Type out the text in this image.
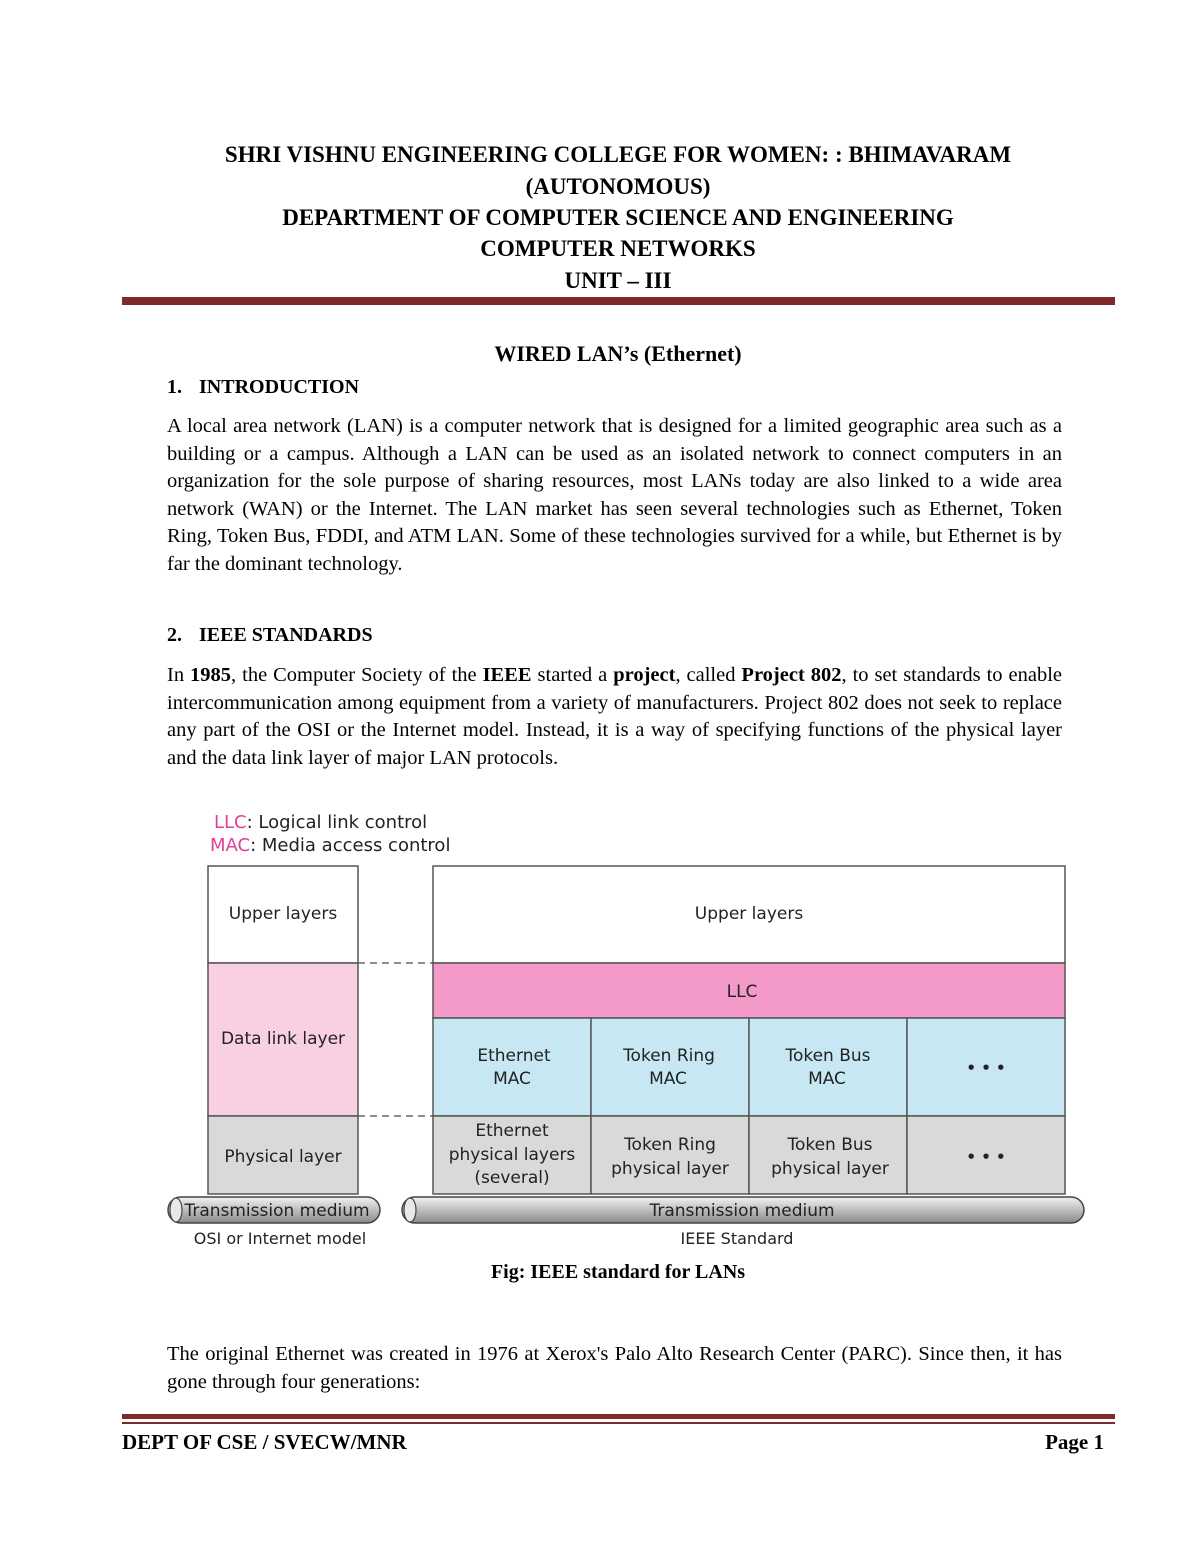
SHRI VISHNU ENGINEERING COLLEGE FOR WOMEN: : BHIMAVARAM
(AUTONOMOUS)
DEPARTMENT OF COMPUTER SCIENCE AND ENGINEERING
COMPUTER NETWORKS
UNIT – III
WIRED LAN’s (Ethernet)
1. INTRODUCTION
A local area network (LAN) is a computer network that is designed for a limited geographic area such as a building or a campus. Although a LAN can be used as an isolated network to connect computers in an organization for the sole purpose of sharing resources, most LANs today are also linked to a wide area network (WAN) or the Internet. The LAN market has seen several technologies such as Ethernet, Token Ring, Token Bus, FDDI, and ATM LAN. Some of these technologies survived for a while, but Ethernet is by far the dominant technology.
2. IEEE STANDARDS
In 1985, the Computer Society of the IEEE started a project, called Project 802, to set standards to enable intercommunication among equipment from a variety of manufacturers. Project 802 does not seek to replace any part of the OSI or the Internet model. Instead, it is a way of specifying functions of the physical layer and the data link layer of major LAN protocols.
LLC: Logical link control
MAC: Media access control
Upper layers
Data link layer
Physical layer
Upper layers
LLC
Ethernet
MAC
Token Ring
MAC
Token Bus
MAC
• • •
Ethernet
physical layers
(several)
Token Ring
physical layer
Token Bus
physical layer
• • •
Transmission medium	Transmission medium
OSI or Internet model	IEEE Standard
Fig: IEEE standard for LANs
The original Ethernet was created in 1976 at Xerox's Palo Alto Research Center (PARC). Since then, it has gone through four generations:
DEPT OF CSE / SVECW/MNR	Page 1
